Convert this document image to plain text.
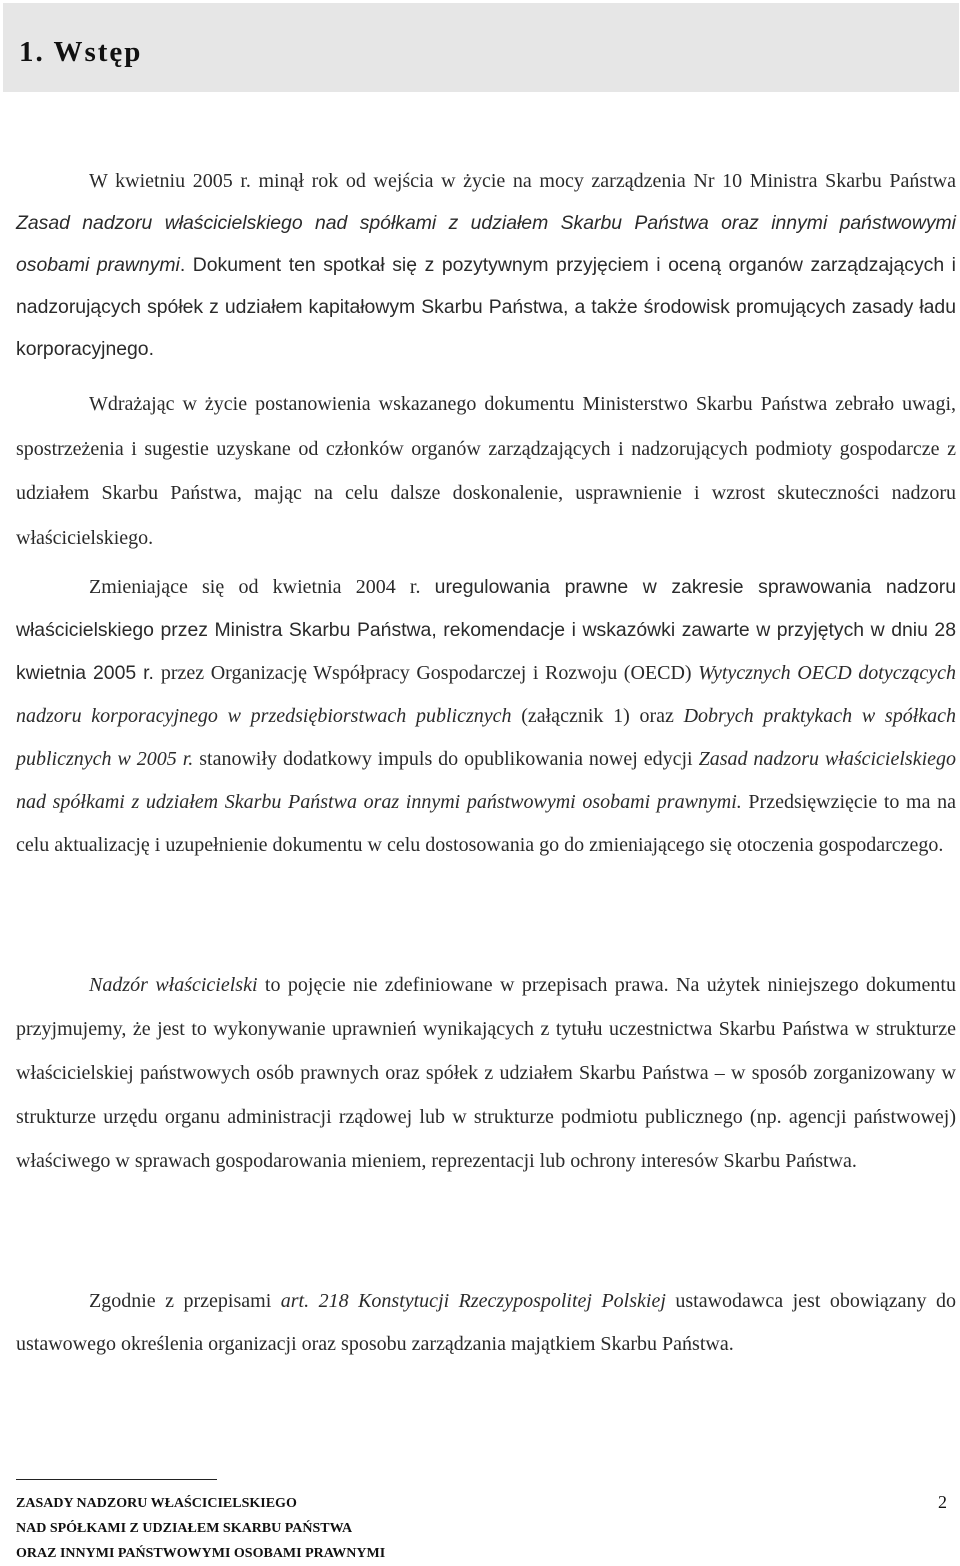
1. Wstęp

W kwietniu 2005 r. minął rok od wejścia w życie na mocy zarządzenia Nr 10 Ministra Skarbu Państwa Zasad nadzoru właścicielskiego nad spółkami z udziałem Skarbu Państwa oraz innymi państwowymi osobami prawnymi. Dokument ten spotkał się z pozytywnym przyjęciem i oceną organów zarządzających i nadzorujących spółek z udziałem kapitałowym Skarbu Państwa, a także środowisk promujących zasady ładu korporacyjnego.

Wdrażając w życie postanowienia wskazanego dokumentu Ministerstwo Skarbu Państwa zebrało uwagi, spostrzeżenia i sugestie uzyskane od członków organów zarządzających i nadzorujących podmioty gospodarcze z udziałem Skarbu Państwa, mając na celu dalsze doskonalenie, usprawnienie i wzrost skuteczności nadzoru właścicielskiego.

Zmieniające się od kwietnia 2004 r. uregulowania prawne w zakresie sprawowania nadzoru właścicielskiego przez Ministra Skarbu Państwa, rekomendacje i wskazówki zawarte w przyjętych w dniu 28 kwietnia 2005 r. przez Organizację Współpracy Gospodarczej i Rozwoju (OECD) Wytycznych OECD dotyczących nadzoru korporacyjnego w przedsiębiorstwach publicznych (załącznik 1) oraz Dobrych praktykach w spółkach publicznych w 2005 r. stanowiły dodatkowy impuls do opublikowania nowej edycji Zasad nadzoru właścicielskiego nad spółkami z udziałem Skarbu Państwa oraz innymi państwowymi osobami prawnymi. Przedsięwzięcie to ma na celu aktualizację i uzupełnienie dokumentu w celu dostosowania go do zmieniającego się otoczenia gospodarczego.

Nadzór właścicielski to pojęcie nie zdefiniowane w przepisach prawa. Na użytek niniejszego dokumentu przyjmujemy, że jest to wykonywanie uprawnień wynikających z tytułu uczestnictwa Skarbu Państwa w strukturze właścicielskiej państwowych osób prawnych oraz spółek z udziałem Skarbu Państwa – w sposób zorganizowany w strukturze urzędu organu administracji rządowej lub w strukturze podmiotu publicznego (np. agencji państwowej) właściwego w sprawach gospodarowania mieniem, reprezentacji lub ochrony interesów Skarbu Państwa.

Zgodnie z przepisami art. 218 Konstytucji Rzeczypospolitej Polskiej ustawodawca jest obowiązany do ustawowego określenia organizacji oraz sposobu zarządzania majątkiem Skarbu Państwa.

ZASADY NADZORU WŁAŚCICIELSKIEGO
NAD SPÓŁKAMI Z UDZIAŁEM SKARBU PAŃSTWA
ORAZ INNYMI PAŃSTWOWYMI OSOBAMI PRAWNYMI
2
